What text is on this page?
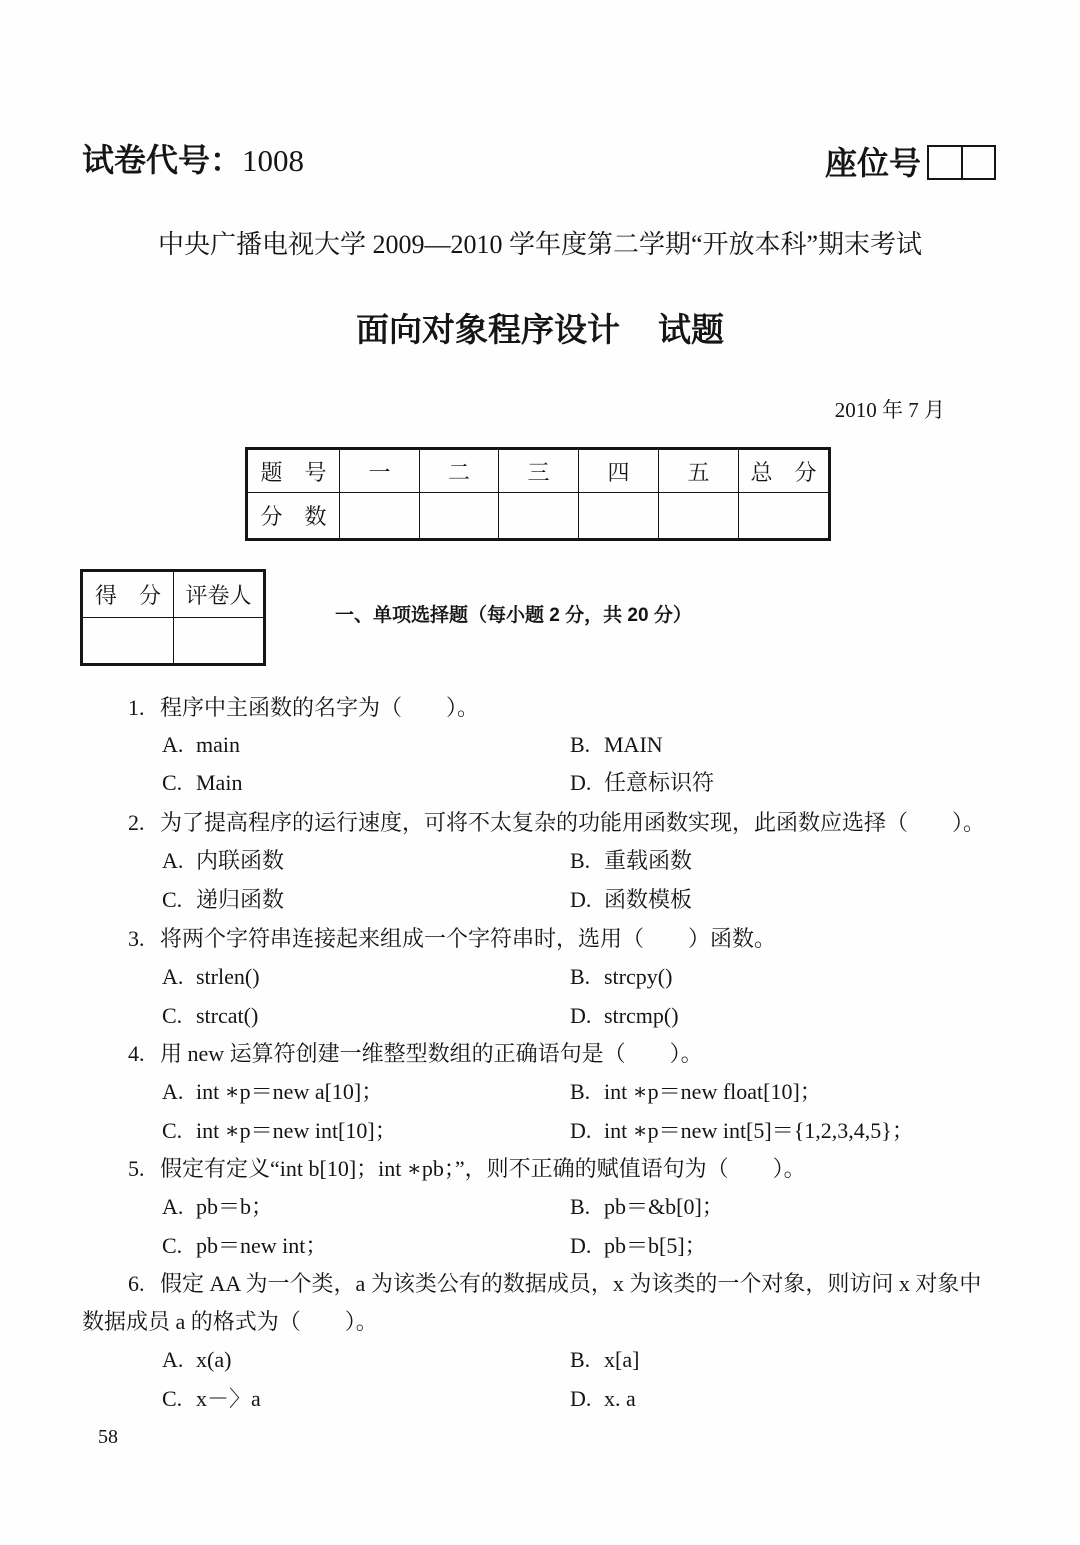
试卷代号：1008	座位号
中央广播电视大学 2009—2010 学年度第二学期“开放本科”期末考试
面向对象程序设计 试题
2010 年 7 月
题　号	一	二	三	四	五	总　分
分　数						
得　分	评卷人

一、单项选择题（每小题 2 分，共 20 分）
1. 程序中主函数的名字为（　　）。
A. main	B. MAIN
C. Main	D. 任意标识符
2. 为了提高程序的运行速度，可将不太复杂的功能用函数实现，此函数应选择（　　）。
A. 内联函数	B. 重载函数
C. 递归函数	D. 函数模板
3. 将两个字符串连接起来组成一个字符串时，选用（　　）函数。
A. strlen()	B. strcpy()
C. strcat()	D. strcmp()
4. 用 new 运算符创建一维整型数组的正确语句是（　　）。
A. int ∗p＝new a[10]；	B. int ∗p＝new float[10]；
C. int ∗p＝new int[10]；	D. int ∗p＝new int[5]＝{1,2,3,4,5}；
5. 假定有定义“int b[10]；int ∗pb；”，则不正确的赋值语句为（　　）。
A. pb＝b；	B. pb＝&b[0]；
C. pb＝new int；	D. pb＝b[5]；
6. 假定 AA 为一个类，a 为该类公有的数据成员，x 为该类的一个对象，则访问 x 对象中
数据成员 a 的格式为（　　）。
A. x(a)	B. x[a]
C. x－〉a	D. x. a
58
